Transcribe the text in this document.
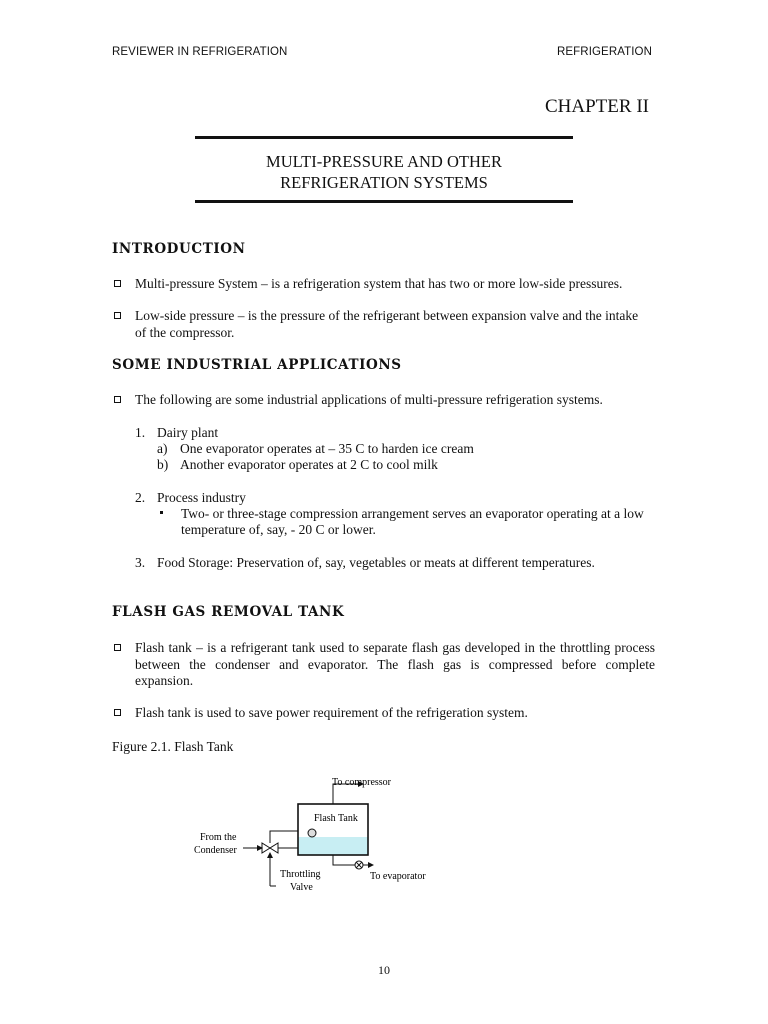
REVIEWER IN REFRIGERATION	REFRIGERATION
CHAPTER II
MULTI-PRESSURE AND OTHER
REFRIGERATION SYSTEMS
INTRODUCTION
Multi-pressure System – is a refrigeration system that has two or more low-side pressures.
Low-side pressure – is the pressure of the refrigerant between expansion valve and the intake
of the compressor.
SOME INDUSTRIAL APPLICATIONS
The following are some industrial applications of multi-pressure refrigeration systems.
1. Dairy plant
a) One evaporator operates at – 35 C to harden ice cream
b) Another evaporator operates at 2 C to cool milk
2. Process industry
Two- or three-stage compression arrangement serves an evaporator operating at a low
temperature of, say, - 20 C or lower.
3. Food Storage: Preservation of, say, vegetables or meats at different temperatures.
FLASH GAS REMOVAL TANK
Flash tank – is a refrigerant tank used to separate flash gas developed in the throttling process
between the condenser and evaporator. The flash gas is compressed before complete
expansion.
Flash tank is used to save power requirement of the refrigeration system.
Figure 2.1. Flash Tank
To compressor
Flash Tank
From the
Condenser
Throttling
Valve
To evaporator
10
